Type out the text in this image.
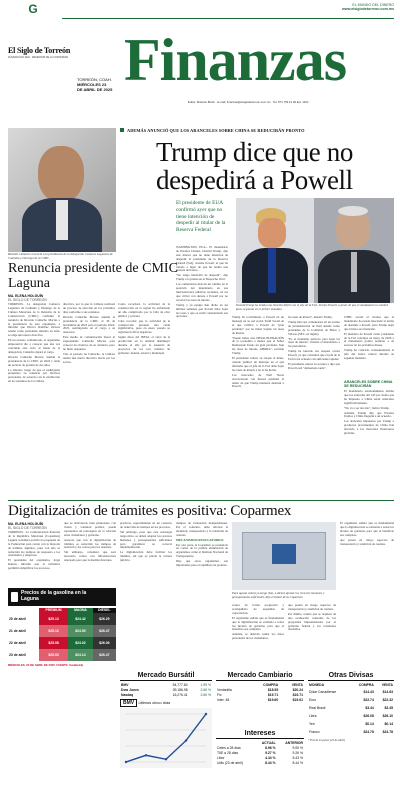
G	EL MUNDO DEL DINERO
www.elsiglodetorreon.com.mx
El Siglo de Torreón
FUNDADO EN 1922 · DEFENSOR DE LA COMUNIDAD
TORREÓN, COAH.
MIÉRCOLES 23
DE ABRIL DE 2025 Finanzas
Editor: Mariano Bodin · E-mail: finanzas@elsiglodetorreon.com.mx · Tel. 871 759 12 00 Ext. 1162
Ricardo Camacho renunció a la presidencia de la delegación Comarca Lagunera de Coahuila y Durango de la CMIC.
Renuncia presidente de CMIC Laguna
MA. ELENA HOLGUÍN
EL SIGLO DE TORREÓN

TORREÓN.- La delegación Comarca Lagunera de Coahuila y Durango de la Cámara Mexicana de la Industria de la Construcción (CMIC) confirmó la renuncia de Ricardo Camacho Macías a la presidencia de este organismo, e informó que Héctor Ramírez Devera asume como presidente interino en tanto se elige una nueva directiva.

En un escueto comunicado, el organismo empresarial dio a conocer que una vez concluido este ciclo al frente de la delegación, Camacho dejará el cargo.

Ricardo Camacho Macías asumió la presidencia de la CMIC en 2024 y tenía un periodo de gestión de dos años.

Lo anterior, luego de que el exdirigente presentara su renuncia por motivos personales, de acuerdo con lo establecido en los estatutos de la Cámara.

directiva, por lo que la Cámara realizará un proceso de elección en los próximos días conforme a sus estatutos.

Ricardo Camacho Macías asumió la presidencia de la CMIC el 30 de noviembre de 2023 para el periodo 2024-2025, sustituyendo en el cargo a su antecesor.

Este medio de comunicación buscó al expresidente Camacho Macías para conocer los motivos de su renuncia, pero no hubo respuesta.

Tras el periodo de Camacho, la Cámara tendrá una nueva directiva electa por los socios.

Como recordará, la actividad de la construcción en la región ha enfrentado un año complicado por la falta de obra pública y privada.

Cabe recordar que la actividad de la construcción presentó una caída significativa, pues en enero pasado se registraron cifras negativas.

Según datos del INEGI, el valor de la producción en la entidad disminuyó durante el año por la ausencia de proyectos de los tres órdenes de gobierno: federal, estatal y municipal.

ADEMÁS ANUNCIÓ QUE LOS ARANCELES SOBRE CHINA SE REDUCIRÁN PRONTO
Trump dice que no despedirá a Powell
El presidente de EUA confirmó ayer que no tiene intención de despedir al titular de la Reserva Federal
Donald Trump ha tenido una relación difícil con el jefe de la Fed, Jerome Powell, a pesar de que el mandatario lo nombró para su puesto en el primer mandato.

WASHINGTON, EUA.- El mandatario de Estados Unidos, Donald Trump, dijo este martes que no tiene intención de despedir al presidente de la Reserva Federal (Fed), Jerome Powell, al que ha tratado a lugar de que ha tenido una postura del banco.

"No tengo intención de despedir", dijo Trump a la prensa en el Despacho Oval.

Los comentarios marcan un cambio en la posición del mandatario en sus intervenciones públicas recientes, en las que criticó con dureza a Powell por no recortar las tasas de interés.

Trump y su equipo han dicho en las últimas semanas que Powell debe bajar las tasas y que se están considerando sus opciones.	Trump ha recriminado a Powell en un mensaje en su red social Truth Social en el que calificó a Powell de "gran perdedor" por no haber bajado las tasas de interés.

"Puede haber una DESACELERACIÓN de la economía a menos que el Señor Demasiado Tarde, un gran perdedor, baje las tasas de interés, AHORA", escribió Trump.

El presidente reiteró su ataque el lunes, cuando publicó un mensaje en el que afirmaba que el jefe de la Fed debe bajar las tasas de interés y no lo ha hecho.

Los mercados de Wall Street reaccionaron con fuertes pérdidas al temor de que Trump intentara destituir a Powell.

las tasas de interés", insistió Trump.

Trump hizo sus comentarios en un evento de juramentación de Paul Atkins como presidente de la Comisión de Bolsa y Valores (SEC, en inglés).

"Es el momento perfecto para bajar las tasas de interés", insistió el mandatario a los periodistas.

Trump ha lanzado sus ataques contra Powell, ya que considera que el jefe de la Fed no ha actuado con suficiente rapidez.

El presidente reiteró su postura y dijo que Powell está "demasiado tarde".

CNBC reveló el viernes que el mandatario ha estado buscando la forma de destituir a Powell, pero Trump negó que tuviera esa intención.

El mandato de Powell como presidente de la Fed concluye en mayo de 2026 y el mandatario podría nombrar a su sucesor en los próximos meses.

Trump ha criticado constantemente al jefe del banco central durante su segundo mandato.

ARANCELES SOBRE CHINA SE REDUCIRÁN

El mandatario estadounidense afirmó que los aranceles del 145 por ciento que ha impuesto a China serán reducidos significativamente.

"No va a ser tan alto", indicó Trump.

Además, Trump dijo que Estados Unidos y China llegarán a un acuerdo.

Los aranceles impuestos por Trump a productos provenientes de China han afectado a los mercados financieros globales.

Digitalización de trámites es positiva: Coparmex
MA. ELENA HOLGUÍN
EL SIGLO DE TORREÓN

TORREÓN.- La Confederación Patronal de la República Mexicana (Coparmex) Laguna considera positiva la propuesta de la Federación para contar con la mayoría de trámites digitales, pues con ello se reducirán los tiempos de respuesta a los ciudadanos y empresas.

El presidente del organismo, Jorge Ramos, informó que la iniciativa permitirá simplificar los procesos.

que se obtuvieron, bien planteados, con visión y voluntad política, puede representar un parteaguas en la relación entre ciudadanos y gobierno.

Aseveró que con la digitalización de trámites se reducirán los tiempos de atención y los costos para los usuarios.

Sin embargo, consideró que será necesario contar con infraestructura adecuada para que la medida funcione.

prácticas, especialmente en un contexto de reducción de tiempos en los procesos.

Sin embargo, pese que esta estrategia tenga éxito, se deben adoptar los recursos humanos y presupuestales suficientes para garantizar su correcta implementación.

La digitalización debe facilitar los trámites, sin que se pierda la certeza jurídica.

tiempos de evaluación independientes. Por el contrario, debe reforzar la inclusión, transparencia y la rendición de cuentas.

MECANISMOS REGULATORIOS

Por otra parte, la Coparmex se pronunció en contra de la posible eliminación de organismos como el Instituto Nacional de Transparencia.

Dijo que estos organismos son importantes para el equilibrio de poderes.

Para agosto estará ya tengo listo, a dichos ajustar los recursos humanos y presupuestales suficientes, dijo el titular de la Coparmex.

ocurra de forma progresiva y acompañada de esquemas de capacitación.

El organismo señaló que es fundamental que la digitalización se extienda a todos los niveles de gobierno para que el beneficio sea completo.

Además, se deberán cuidar los datos personales de los ciudadanos.

que ponen en riesgo aspectos de transparencia y rendición de cuentas.

Por último, resaltó que se requiere de una evaluación constante de los programas implementados por el gobierno federal y los resultados obtenidos.

El organismo señaló que es fundamental que la digitalización se extienda a todos los niveles de gobierno para que el beneficio sea completo.

que ponen en riesgo aspectos de transparencia y rendición de cuentas.

Precios de la gasolina en la Laguna
	PREMIUM	MAGNA	DIÉSEL
20 de abril	$25.13	$24.42	$26.29
21 de abril	$25.12	$24.50	$26.47
22 de abril	$25.08	$24.02	$26.06
23 de abril	$25.03	$24.14	$26.47
MIÉRCOLES, 23 DE ABRIL DE 2025. FUENTE: GasBuddy
Mercado Bursátil
BMV	54,777.84	1.99 %
Dow Jones	39,186.98	2.66 %
Nasdaq	16,276.41	2.66 %
BMV últimos cinco días
Mercado Cambiario
	COMPRA	VENTA
Ventanilla	$18.95	$20.24
Fix	$19.71	$19.71
Inter. 48	$19.60	$19.61
Intereses
	ACTUAL	ANTERIOR
Cetes a 28 días	8.96 %	9.05 %
TIIE a 28 días	9.27 %	9.26 %
Libor	4.44 %	5.43 %
Udis (23 de abril)	8.44 %	8.44 %
Otras Divisas
MONEDA	COMPRA	VENTA
Dólar Canadiense	$14.43	$14.63
Euro	$22.74	$22.32
Real Brasil	$3.44	$3.45
Libra	$26.08	$26.10
Yen	$0.14	$0.14
Franco	$24.78	$24.78
* Precio en pesos (23 de abril)
